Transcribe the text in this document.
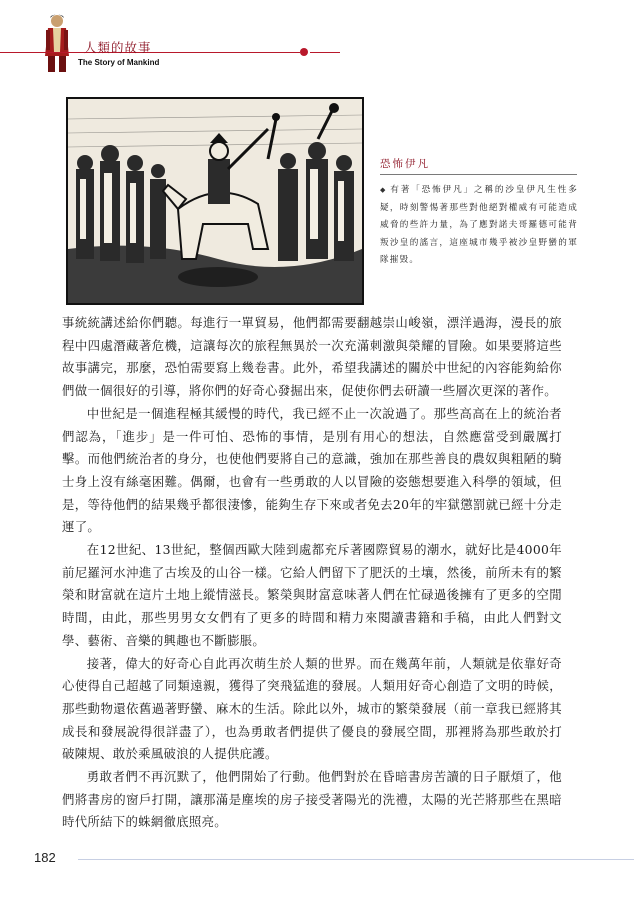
人類的故事
The Story of Mankind
恐怖伊凡
◆ 有著「恐怖伊凡」之稱的沙皇伊凡生性多疑，時刻警惕著那些對他絕對權威有可能造成威脅的些許力量，為了應對諾夫哥羅德可能背叛沙皇的謠言，這座城市幾乎被沙皇野蠻的軍隊摧毀。

事統統講述給你們聽。每進行一單貿易，他們都需要翻越崇山峻嶺，漂洋過海，漫長的旅程中四處潛藏著危機，這讓每次的旅程無異於一次充滿刺激與榮耀的冒險。如果要將這些故事講完，那麼，恐怕需要寫上幾卷書。此外，希望我講述的關於中世紀的內容能夠給你們做一個很好的引導，將你們的好奇心發掘出來，促使你們去研讀一些層次更深的著作。

中世紀是一個進程極其緩慢的時代，我已經不止一次說過了。那些高高在上的統治者們認為，「進步」是一件可怕、恐怖的事情，是別有用心的想法，自然應當受到嚴厲打擊。而他們統治者的身分，也使他們要將自己的意識，強加在那些善良的農奴與粗陋的騎士身上沒有絲毫困難。偶爾，也會有一些勇敢的人以冒險的姿態想要進入科學的領域，但是，等待他們的結果幾乎都很淒慘，能夠生存下來或者免去20年的牢獄懲罰就已經十分走運了。

在12世紀、13世紀，整個西歐大陸到處都充斥著國際貿易的潮水，就好比是4000年前尼羅河水沖進了古埃及的山谷一樣。它給人們留下了肥沃的土壤，然後，前所未有的繁榮和財富就在這片土地上縱情滋長。繁榮與財富意味著人們在忙碌過後擁有了更多的空閒時間，由此，那些男男女女們有了更多的時間和精力來閱讀書籍和手稿，由此人們對文學、藝術、音樂的興趣也不斷膨脹。

接著，偉大的好奇心自此再次萌生於人類的世界。而在幾萬年前，人類就是依靠好奇心使得自己超越了同類遠親，獲得了突飛猛進的發展。人類用好奇心創造了文明的時候，那些動物還依舊過著野蠻、麻木的生活。除此以外，城市的繁榮發展（前一章我已經將其成長和發展說得很詳盡了），也為勇敢者們提供了優良的發展空間，那裡將為那些敢於打破陳規、敢於乘風破浪的人提供庇護。

勇敢者們不再沉默了，他們開始了行動。他們對於在昏暗書房苦讀的日子厭煩了，他們將書房的窗戶打開，讓那滿是塵埃的房子接受著陽光的洗禮，太陽的光芒將那些在黑暗時代所結下的蛛網徹底照亮。

182
